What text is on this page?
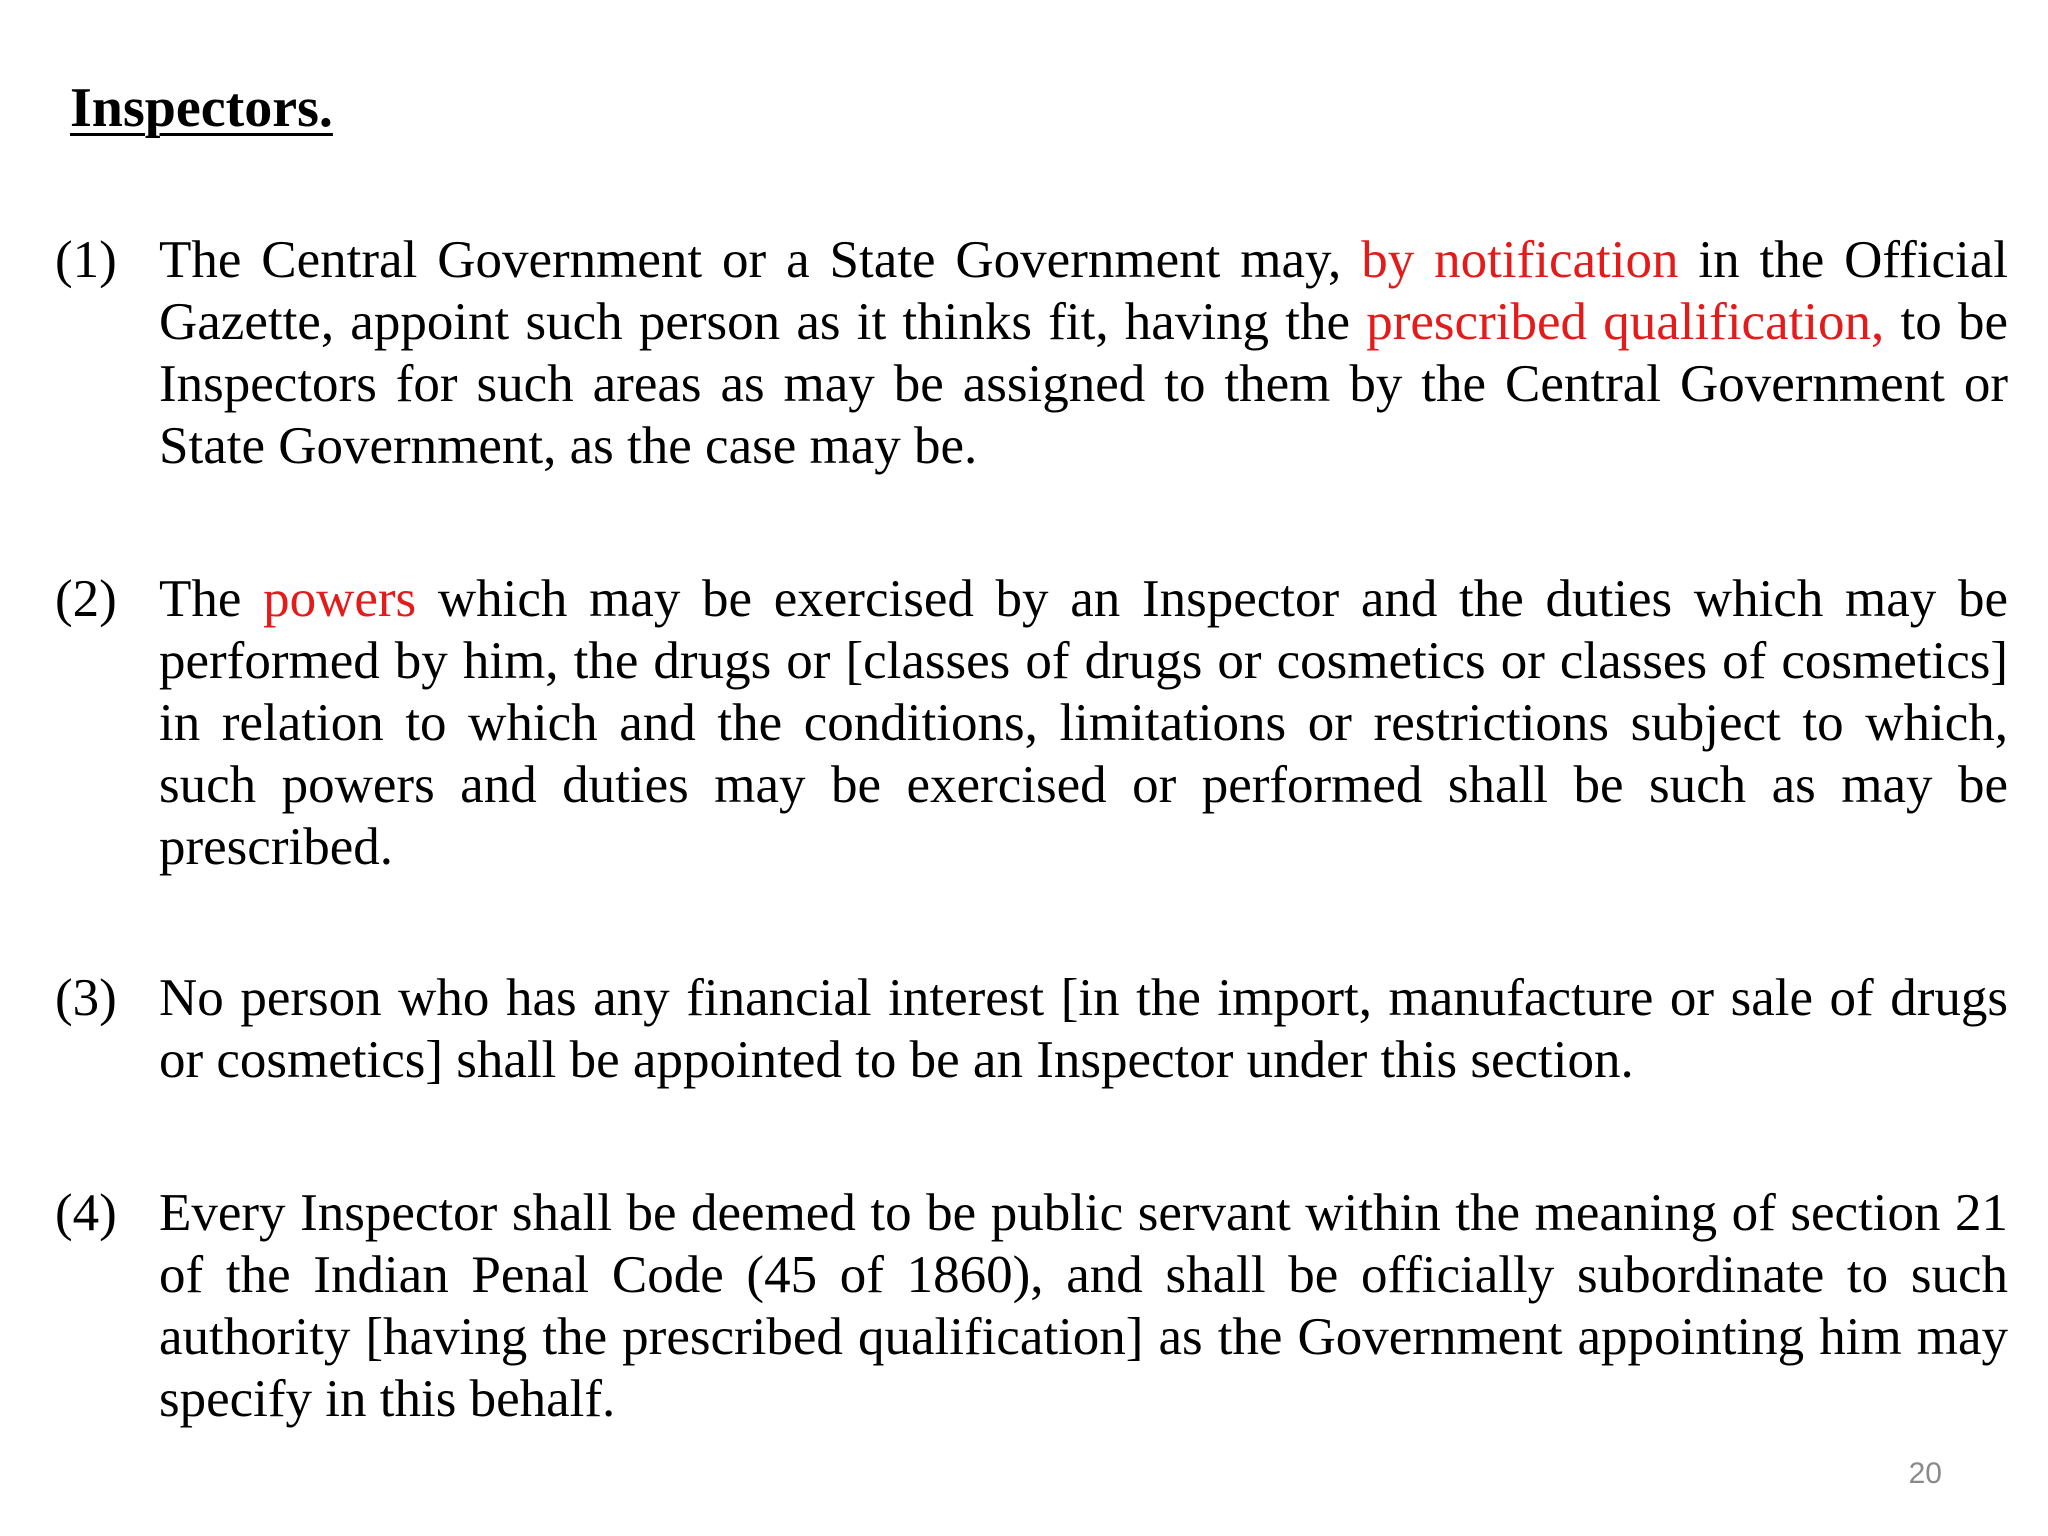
Inspectors.
(1) The Central Government or a State Government may, by notification in the Official Gazette, appoint such person as it thinks fit, having the prescribed qualification, to be Inspectors for such areas as may be assigned to them by the Central Government or State Government, as the case may be.
(2) The powers which may be exercised by an Inspector and the duties which may be performed by him, the drugs or [classes of drugs or cosmetics or classes of cosmetics] in relation to which and the conditions, limitations or restrictions subject to which, such powers and duties may be exercised or performed shall be such as may be prescribed.
(3) No person who has any financial interest [in the import, manufacture or sale of drugs or cosmetics] shall be appointed to be an Inspector under this section.
(4) Every Inspector shall be deemed to be public servant within the meaning of section 21 of the Indian Penal Code (45 of 1860), and shall be officially subordinate to such authority [having the prescribed qualification] as the Government appointing him may specify in this behalf.
20
